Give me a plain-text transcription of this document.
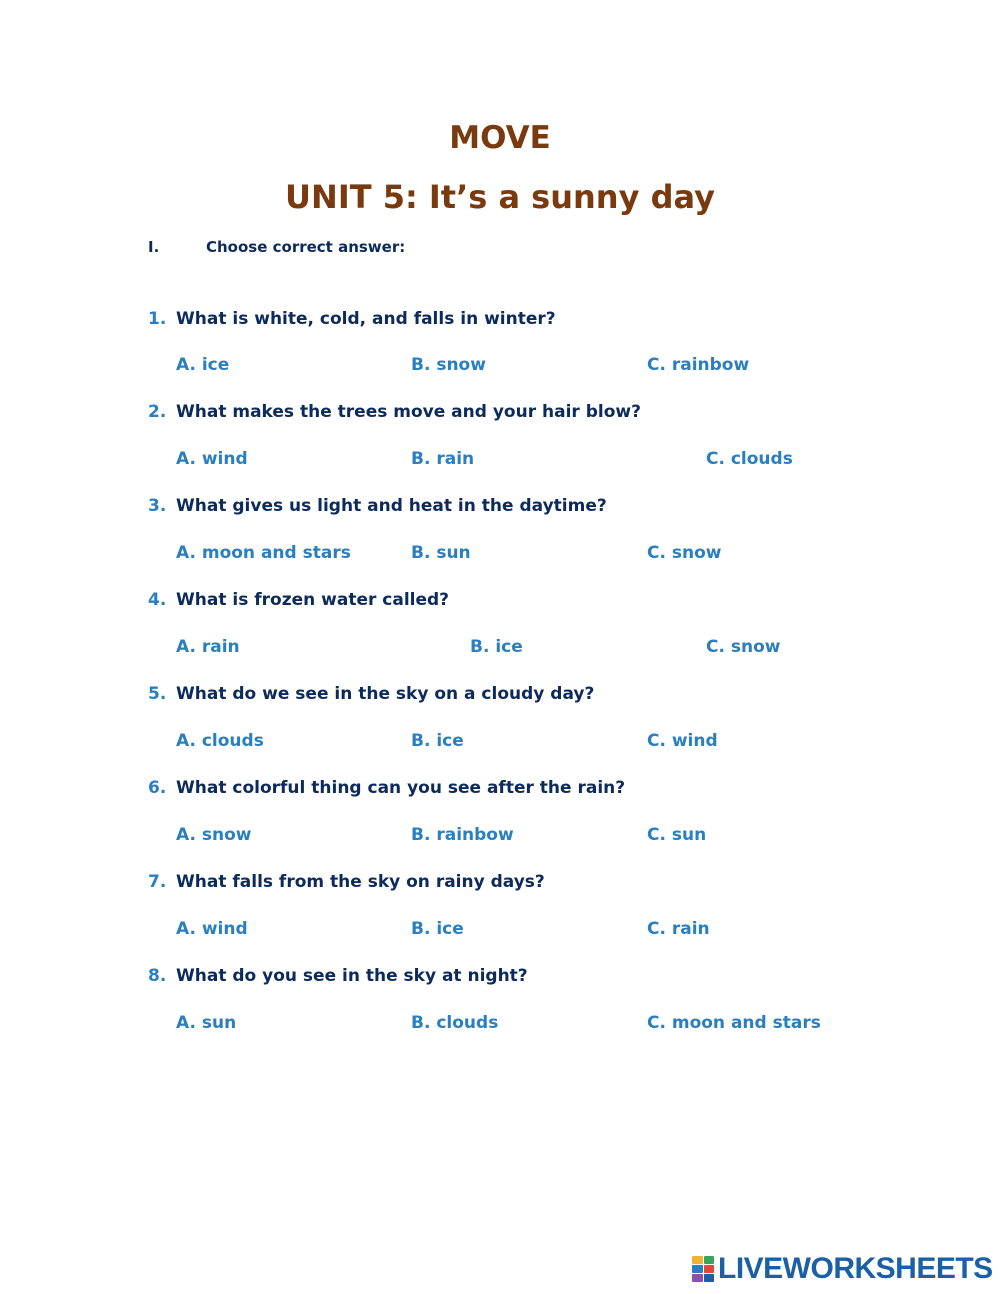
MOVE
UNIT 5: It’s a sunny day
I.	Choose correct answer:
1. What is white, cold, and falls in winter?
A. ice	B. snow	C. rainbow
2. What makes the trees move and your hair blow?
A. wind	B. rain	C. clouds
3. What gives us light and heat in the daytime?
A. moon and stars	B. sun	C. snow
4. What is frozen water called?
A. rain	B. ice	C. snow
5. What do we see in the sky on a cloudy day?
A. clouds	B. ice	C. wind
6. What colorful thing can you see after the rain?
A. snow	B. rainbow	C. sun
7. What falls from the sky on rainy days?
A. wind	B. ice	C. rain
8. What do you see in the sky at night?
A. sun	B. clouds	C. moon and stars
LIVEWORKSHEETS
